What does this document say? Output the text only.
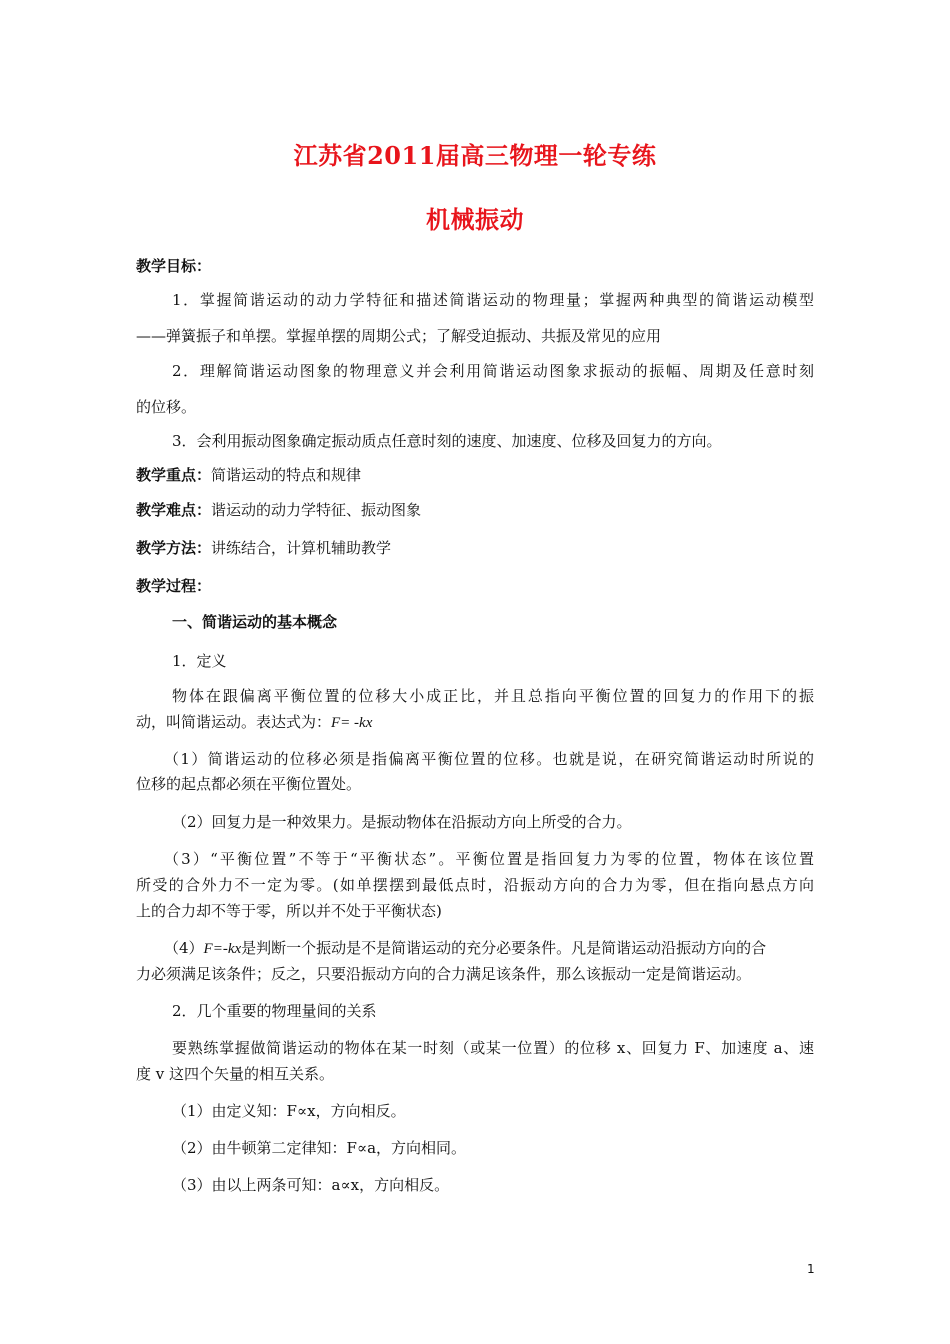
江苏省2011届高三物理一轮专练
机械振动
教学目标：
1．掌握简谐运动的动力学特征和描述简谐运动的物理量；掌握两种典型的简谐运动模型
——弹簧振子和单摆。掌握单摆的周期公式；了解受迫振动、共振及常见的应用
2．理解简谐运动图象的物理意义并会利用简谐运动图象求振动的振幅、周期及任意时刻
的位移。
3．会利用振动图象确定振动质点任意时刻的速度、加速度、位移及回复力的方向。
教学重点：简谐运动的特点和规律
教学难点：谐运动的动力学特征、振动图象
教学方法：讲练结合，计算机辅助教学
教学过程：
一、简谐运动的基本概念
1．定义
物体在跟偏离平衡位置的位移大小成正比，并且总指向平衡位置的回复力的作用下的振
动，叫简谐运动。表达式为：F= -kx
（1）简谐运动的位移必须是指偏离平衡位置的位移。也就是说，在研究简谐运动时所说的
位移的起点都必须在平衡位置处。
（2）回复力是一种效果力。是振动物体在沿振动方向上所受的合力。
（3）“平衡位置”不等于“平衡状态”。平衡位置是指回复力为零的位置，物体在该位置
所受的合外力不一定为零。(如单摆摆到最低点时，沿振动方向的合力为零，但在指向悬点方向
上的合力却不等于零，所以并不处于平衡状态)
（4）F=-kx是判断一个振动是不是简谐运动的充分必要条件。凡是简谐运动沿振动方向的合
力必须满足该条件；反之，只要沿振动方向的合力满足该条件，那么该振动一定是简谐运动。
2．几个重要的物理量间的关系
要熟练掌握做简谐运动的物体在某一时刻（或某一位置）的位移 x、回复力 F、加速度 a、速
度 v 这四个矢量的相互关系。
（1）由定义知：F∝x，方向相反。
（2）由牛顿第二定律知：F∝a，方向相同。
（3）由以上两条可知：a∝x，方向相反。
1
